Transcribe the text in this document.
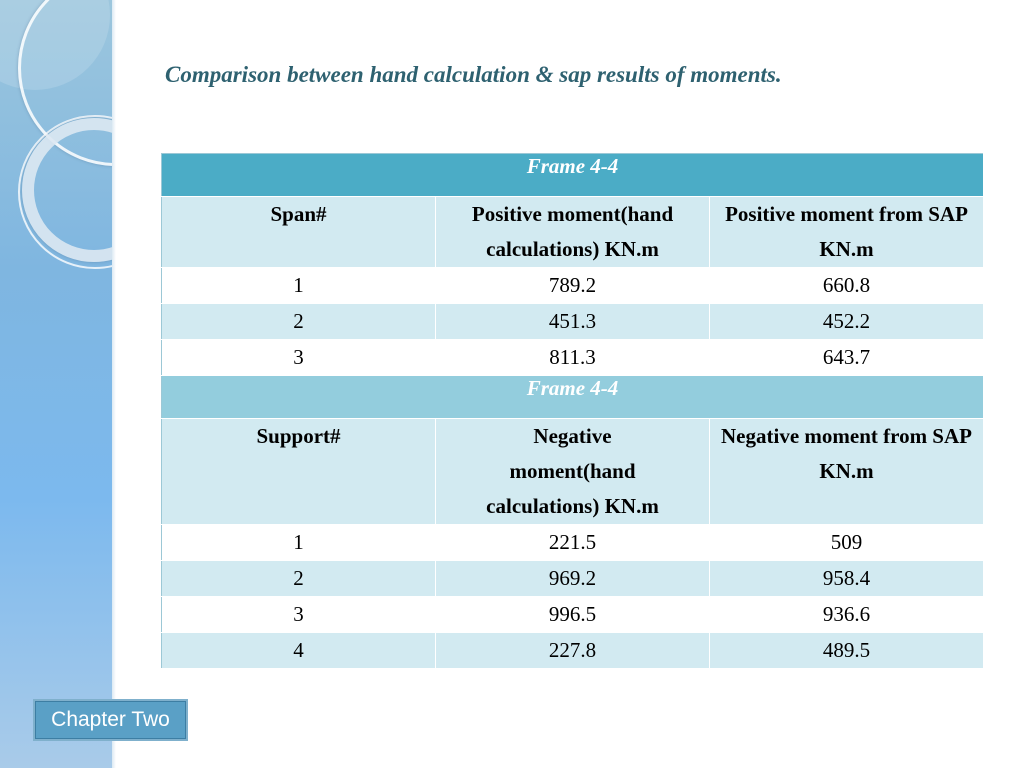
Comparison between hand calculation & sap results of moments.
Frame 4-4		
Span#	Positive moment(hand calculations) KN.m	Positive moment from SAP KN.m
1	789.2	660.8
2	451.3	452.2
3	811.3	643.7
Frame 4-4		
Support#	Negative moment(hand calculations) KN.m	Negative moment from SAP KN.m
1	221.5	509
2	969.2	958.4
3	996.5	936.6
4	227.8	489.5
Chapter Two
